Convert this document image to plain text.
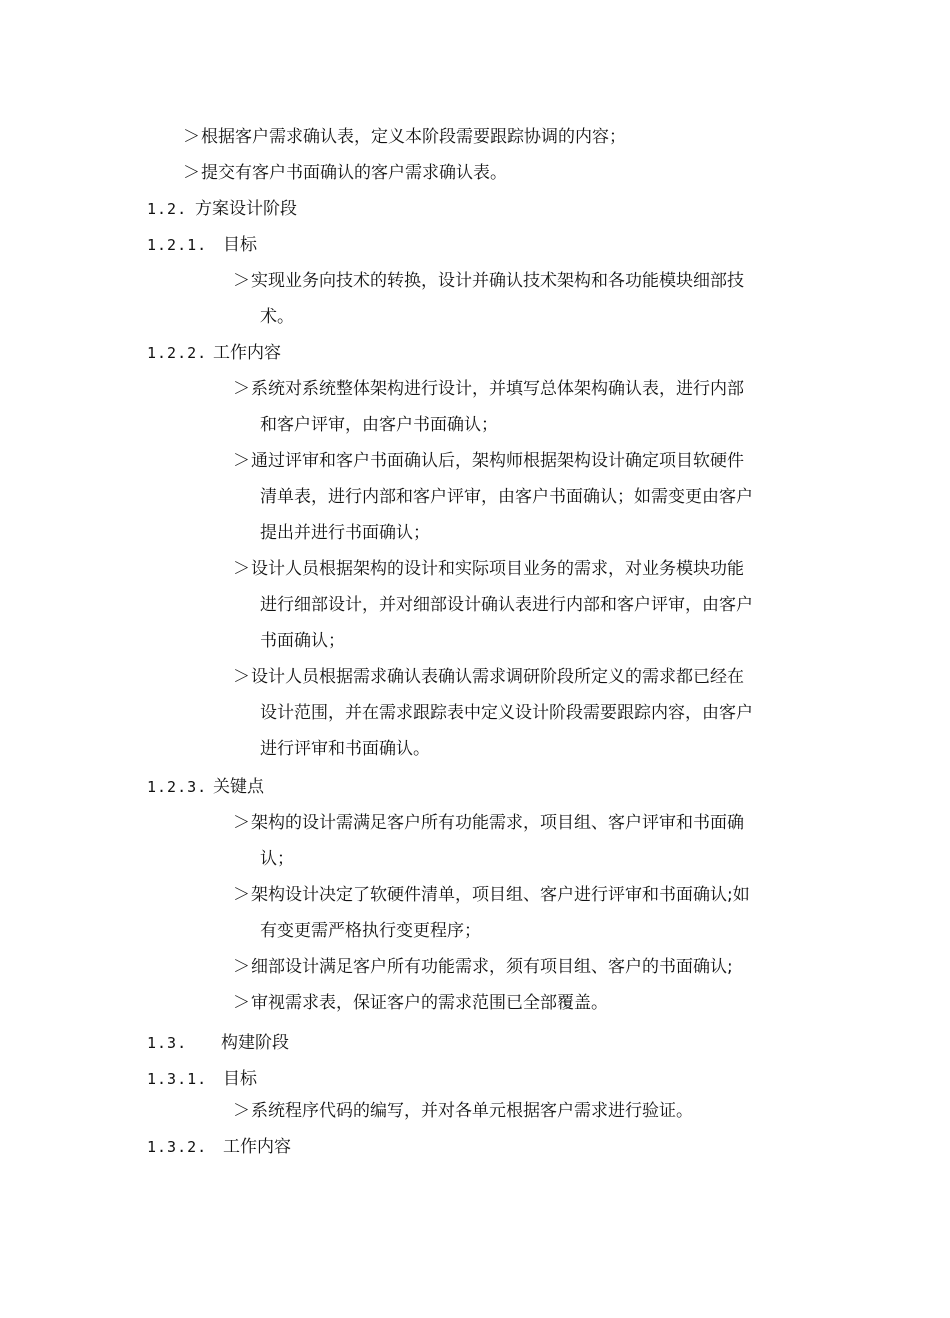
＞根据客户需求确认表，定义本阶段需要跟踪协调的内容；
＞提交有客户书面确认的客户需求确认表。
1.2. 方案设计阶段
1.2.1. 目标
＞实现业务向技术的转换，设计并确认技术架构和各功能模块细部技
术。
1.2.2. 工作内容
＞系统对系统整体架构进行设计，并填写总体架构确认表，进行内部
和客户评审，由客户书面确认；
＞通过评审和客户书面确认后，架构师根据架构设计确定项目软硬件
清单表，进行内部和客户评审，由客户书面确认；如需变更由客户
提出并进行书面确认；
＞设计人员根据架构的设计和实际项目业务的需求，对业务模块功能
进行细部设计，并对细部设计确认表进行内部和客户评审，由客户
书面确认；
＞设计人员根据需求确认表确认需求调研阶段所定义的需求都已经在
设计范围，并在需求跟踪表中定义设计阶段需要跟踪内容，由客户
进行评审和书面确认。
1.2.3. 关键点
＞架构的设计需满足客户所有功能需求，项目组、客户评审和书面确
认；
＞架构设计决定了软硬件清单，项目组、客户进行评审和书面确认;如
有变更需严格执行变更程序；
＞细部设计满足客户所有功能需求，须有项目组、客户的书面确认;
＞审视需求表，保证客户的需求范围已全部覆盖。
1.3. 构建阶段
1.3.1. 目标
＞系统程序代码的编写，并对各单元根据客户需求进行验证。
1.3.2. 工作内容
